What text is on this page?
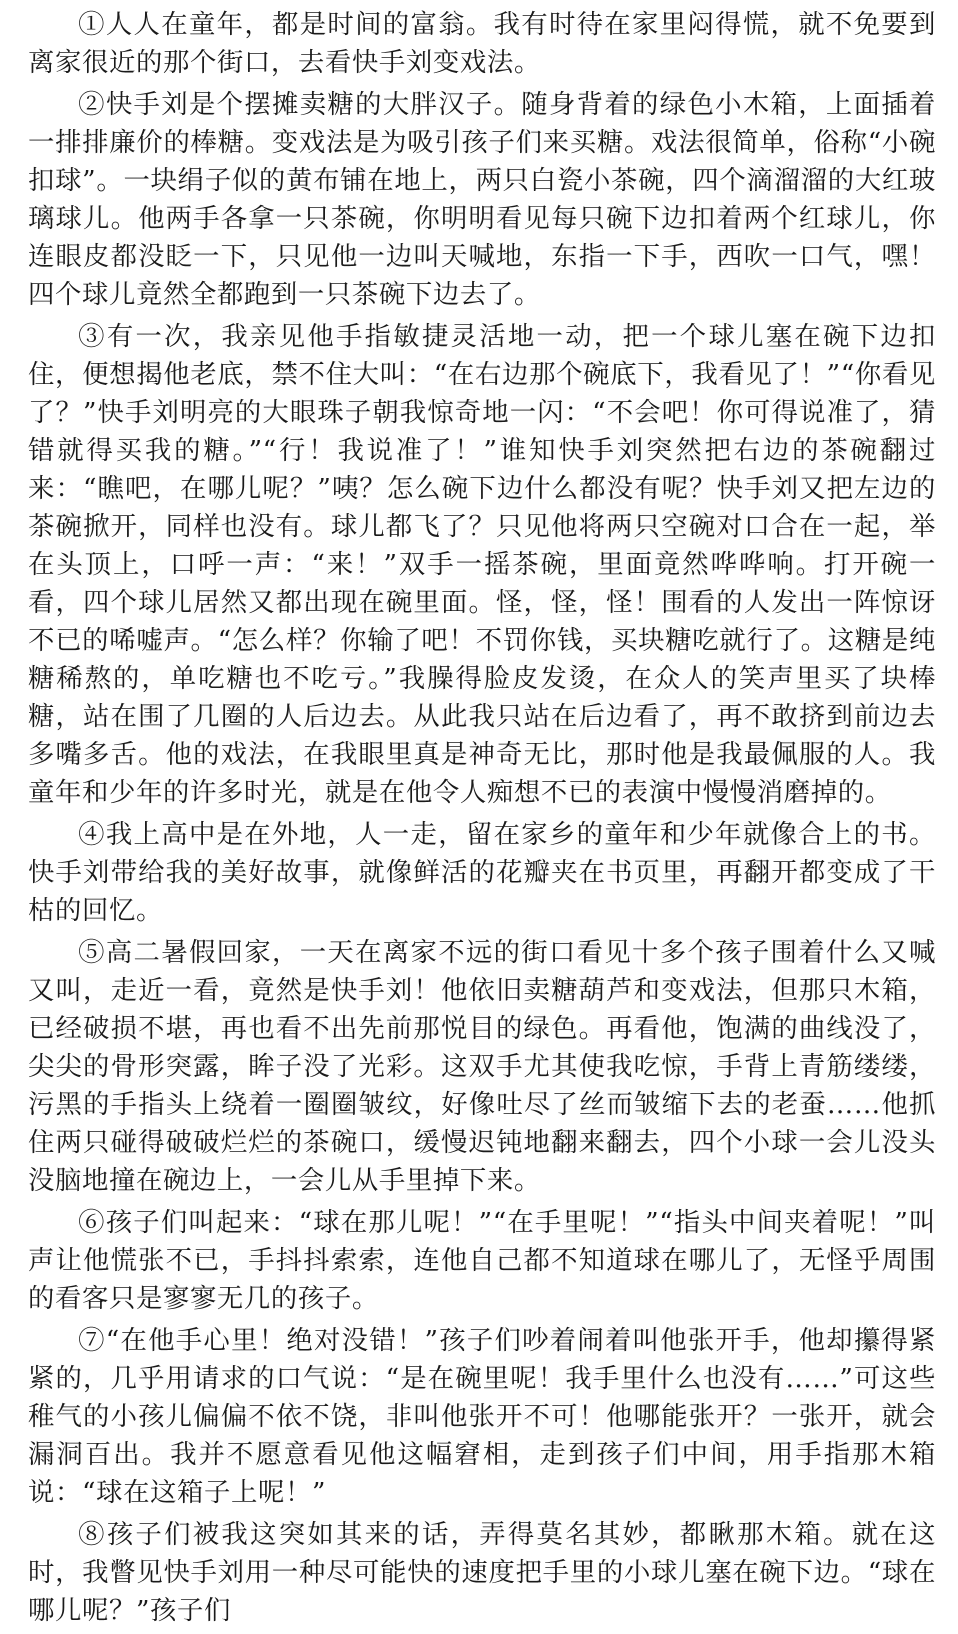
①人人在童年，都是时间的富翁。我有时待在家里闷得慌，就不免要到离家很近的那个街口，去看快手刘变戏法。

②快手刘是个摆摊卖糖的大胖汉子。随身背着的绿色小木箱，上面插着一排排廉价的棒糖。变戏法是为吸引孩子们来买糖。戏法很简单，俗称“小碗扣球”。一块绢子似的黄布铺在地上，两只白瓷小茶碗，四个滴溜溜的大红玻璃球儿。他两手各拿一只茶碗，你明明看见每只碗下边扣着两个红球儿，你连眼皮都没眨一下，只见他一边叫天喊地，东指一下手，西吹一口气，嘿！四个球儿竟然全都跑到一只茶碗下边去了。

③有一次，我亲见他手指敏捷灵活地一动，把一个球儿塞在碗下边扣住，便想揭他老底，禁不住大叫：“在右边那个碗底下，我看见了！”“你看见了？”快手刘明亮的大眼珠子朝我惊奇地一闪：“不会吧！你可得说准了，猜错就得买我的糖。”“行！我说准了！”谁知快手刘突然把右边的茶碗翻过来：“瞧吧，在哪儿呢？”咦？怎么碗下边什么都没有呢？快手刘又把左边的茶碗掀开，同样也没有。球儿都飞了？只见他将两只空碗对口合在一起，举在头顶上，口呼一声：“来！”双手一摇茶碗，里面竟然哗哗响。打开碗一看，四个球儿居然又都出现在碗里面。怪，怪，怪！围看的人发出一阵惊讶不已的唏嘘声。“怎么样？你输了吧！不罚你钱，买块糖吃就行了。这糖是纯糖稀熬的，单吃糖也不吃亏。”我臊得脸皮发烫，在众人的笑声里买了块棒糖，站在围了几圈的人后边去。从此我只站在后边看了，再不敢挤到前边去多嘴多舌。他的戏法，在我眼里真是神奇无比，那时他是我最佩服的人。我童年和少年的许多时光，就是在他令人痴想不已的表演中慢慢消磨掉的。

④我上高中是在外地，人一走，留在家乡的童年和少年就像合上的书。快手刘带给我的美好故事，就像鲜活的花瓣夹在书页里，再翻开都变成了干枯的回忆。

⑤高二暑假回家，一天在离家不远的街口看见十多个孩子围着什么又喊又叫，走近一看，竟然是快手刘！他依旧卖糖葫芦和变戏法，但那只木箱，已经破损不堪，再也看不出先前那悦目的绿色。再看他，饱满的曲线没了，尖尖的骨形突露，眸子没了光彩。这双手尤其使我吃惊，手背上青筋缕缕，污黑的手指头上绕着一圈圈皱纹，好像吐尽了丝而皱缩下去的老蚕……他抓住两只碰得破破烂烂的茶碗口，缓慢迟钝地翻来翻去，四个小球一会儿没头没脑地撞在碗边上，一会儿从手里掉下来。

⑥孩子们叫起来：“球在那儿呢！”“在手里呢！”“指头中间夹着呢！”叫声让他慌张不已，手抖抖索索，连他自己都不知道球在哪儿了，无怪乎周围的看客只是寥寥无几的孩子。

⑦“在他手心里！绝对没错！”孩子们吵着闹着叫他张开手，他却攥得紧紧的，几乎用请求的口气说：“是在碗里呢！我手里什么也没有……”可这些稚气的小孩儿偏偏不依不饶，非叫他张开不可！他哪能张开？一张开，就会漏洞百出。我并不愿意看见他这幅窘相，走到孩子们中间，用手指那木箱说：“球在这箱子上呢！”

⑧孩子们被我这突如其来的话，弄得莫名其妙，都瞅那木箱。就在这时，我瞥见快手刘用一种尽可能快的速度把手里的小球儿塞在碗下边。“球在哪儿呢？”孩子们
